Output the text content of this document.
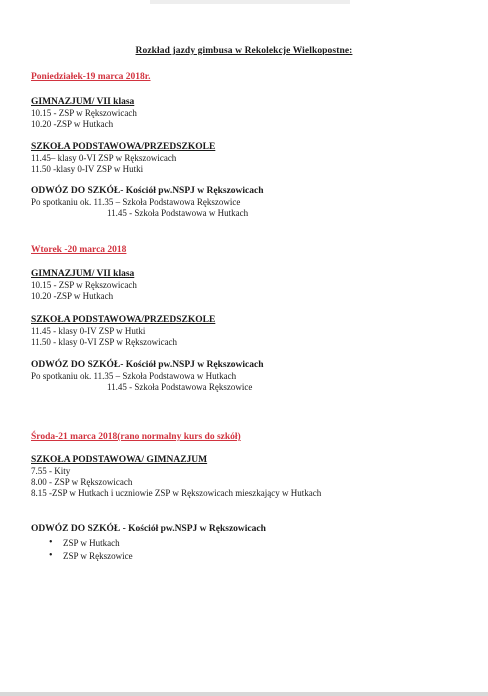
Rozkład jazdy gimbusa w Rekolekcje Wielkopostne:
Poniedziałek-19 marca 2018r.
GIMNAZJUM/ VII klasa
10.15 - ZSP w Rększowicach
10.20 -ZSP w Hutkach
SZKOŁA PODSTAWOWA/PRZEDSZKOLE
11.45– klasy 0-VI ZSP w Rększowicach
11.50 -klasy 0-IV ZSP w Hutki
ODWÓZ DO SZKÓŁ- Kościół pw.NSPJ w Rększowicach
Po spotkaniu ok. 11.35 – Szkoła Podstawowa Rększowice
11.45 - Szkoła Podstawowa w Hutkach
Wtorek -20 marca 2018
GIMNAZJUM/ VII klasa
10.15 - ZSP w Rększowicach
10.20 -ZSP w Hutkach
SZKOŁA PODSTAWOWA/PRZEDSZKOLE
11.45 - klasy 0-IV ZSP w Hutki
11.50 - klasy 0-VI ZSP w Rększowicach
ODWÓZ DO SZKÓŁ- Kościół pw.NSPJ w Rększowicach
Po spotkaniu ok. 11.35 – Szkoła Podstawowa w Hutkach
11.45 - Szkoła Podstawowa Rększowice
Środa-21 marca 2018(rano normalny kurs do szkół)
SZKOŁA PODSTAWOWA/ GIMNAZJUM
7.55 - Kity
8.00 - ZSP w Rększowicach
8.15 -ZSP w Hutkach i uczniowie ZSP w Rększowicach mieszkający w Hutkach
ODWÓZ DO SZKÓŁ - Kościół pw.NSPJ w Rększowicach
• ZSP w Hutkach
• ZSP w Rększowice
